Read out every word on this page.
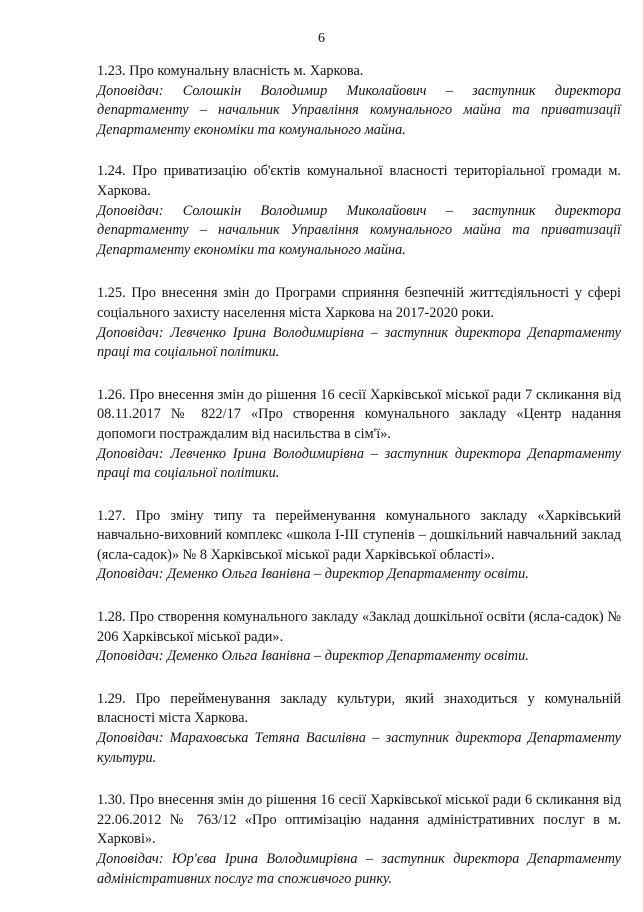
6

1.23. Про комунальну власність м. Харкова.

Доповідач: Солошкін Володимир Миколайович – заступник директора департаменту – начальник Управління комунального майна та приватизації Департаменту економіки та комунального майна.

1.24. Про приватизацію об'єктів комунальної власності територіальної громади м. Харкова.

Доповідач: Солошкін Володимир Миколайович – заступник директора департаменту – начальник Управління комунального майна та приватизації Департаменту економіки та комунального майна.

1.25. Про внесення змін до Програми сприяння безпечній життєдіяльності у сфері соціального захисту населення міста Харкова на 2017-2020 роки.

Доповідач: Левченко Ірина Володимирівна – заступник директора Департаменту праці та соціальної політики.

1.26. Про внесення змін до рішення 16 сесії Харківської міської ради 7 скликання від 08.11.2017 № 822/17 «Про створення комунального закладу «Центр надання допомоги постраждалим від насильства в сім'ї».

Доповідач: Левченко Ірина Володимирівна – заступник директора Департаменту праці та соціальної політики.

1.27. Про зміну типу та перейменування комунального закладу «Харківський навчально-виховний комплекс «школа І-ІІІ ступенів – дошкільний навчальний заклад (ясла-садок)» № 8 Харківської міської ради Харківської області».

Доповідач: Деменко Ольга Іванівна – директор Департаменту освіти.

1.28. Про створення комунального закладу «Заклад дошкільної освіти (ясла-садок) № 206 Харківської міської ради».

Доповідач: Деменко Ольга Іванівна – директор Департаменту освіти.

1.29. Про перейменування закладу культури, який знаходиться у комунальній власності міста Харкова.

Доповідач: Мараховська Тетяна Василівна – заступник директора Департаменту культури.

1.30. Про внесення змін до рішення 16 сесії Харківської міської ради 6 скликання від 22.06.2012 № 763/12 «Про оптимізацію надання адміністративних послуг в м. Харкові».

Доповідач: Юр'єва Ірина Володимирівна – заступник директора Департаменту адміністративних послуг та споживчого ринку.
